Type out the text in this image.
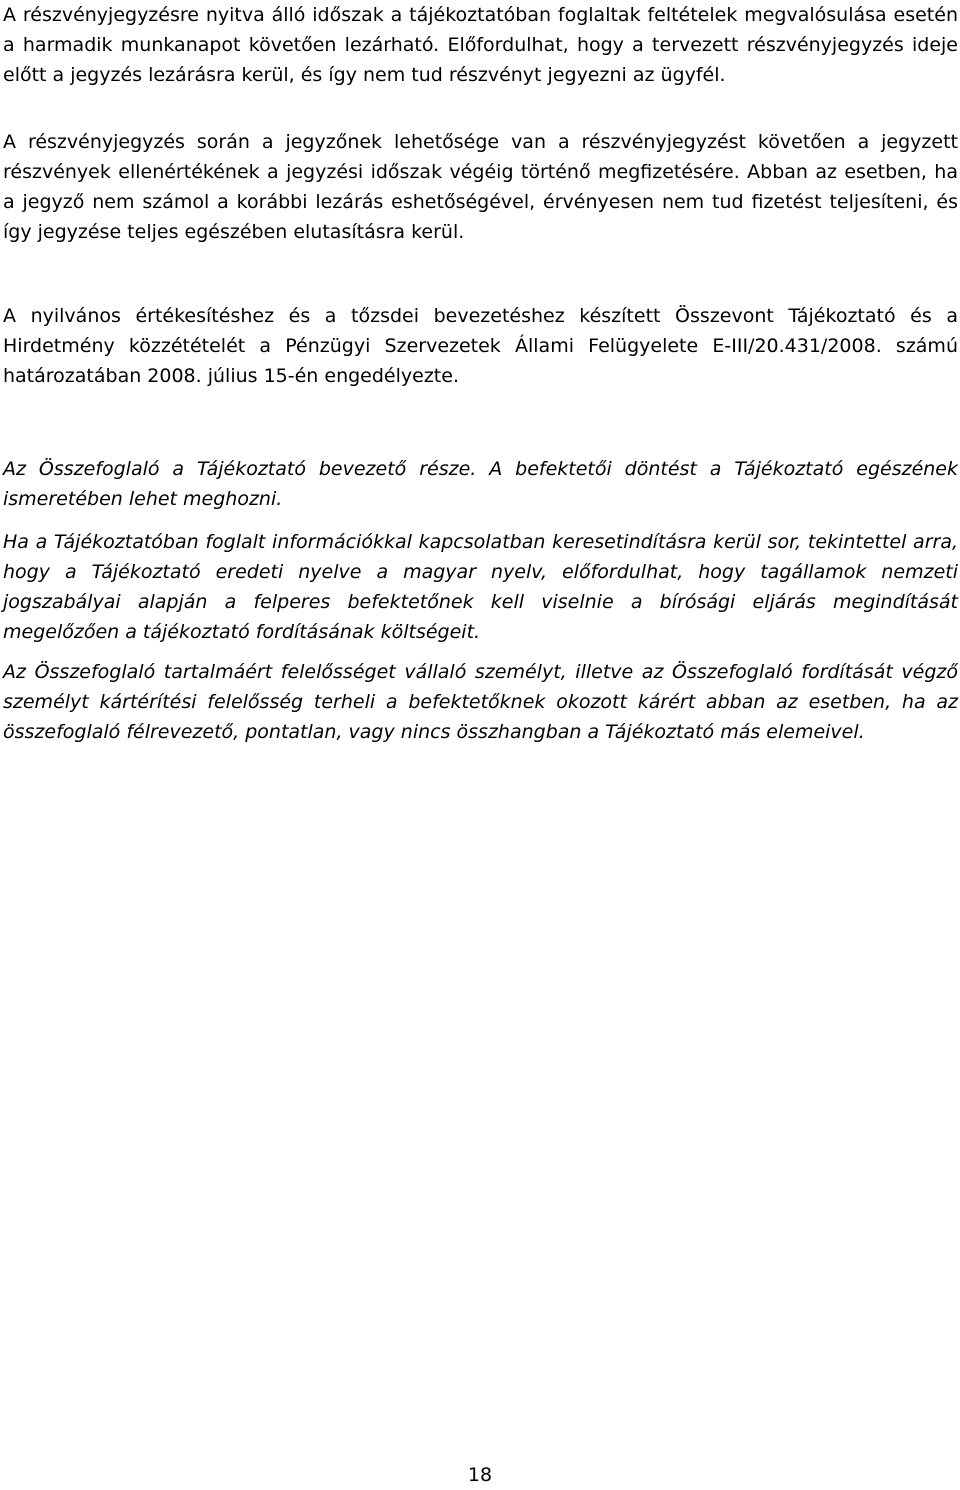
A részvényjegyzésre nyitva álló időszak a tájékoztatóban foglaltak feltételek megvalósulása esetén a harmadik munkanapot követően lezárható. Előfordulhat, hogy a tervezett részvényjegyzés ideje előtt a jegyzés lezárásra kerül, és így nem tud részvényt jegyezni az ügyfél.

A részvényjegyzés során a jegyzőnek lehetősége van a részvényjegyzést követően a jegyzett részvények ellenértékének a jegyzési időszak végéig történő megfizetésére. Abban az esetben, ha a jegyző nem számol a korábbi lezárás eshetőségével, érvényesen nem tud fizetést teljesíteni, és így jegyzése teljes egészében elutasításra kerül.

A nyilvános értékesítéshez és a tőzsdei bevezetéshez készített Összevont Tájékoztató és a Hirdetmény közzétételét a Pénzügyi Szervezetek Állami Felügyelete E-III/20.431/2008. számú határozatában 2008. július 15-én engedélyezte.

Az Összefoglaló a Tájékoztató bevezető része. A befektetői döntést a Tájékoztató egészének ismeretében lehet meghozni.

Ha a Tájékoztatóban foglalt információkkal kapcsolatban keresetindításra kerül sor, tekintettel arra, hogy a Tájékoztató eredeti nyelve a magyar nyelv, előfordulhat, hogy tagállamok nemzeti jogszabályai alapján a felperes befektetőnek kell viselnie a bírósági eljárás megindítását megelőzően a tájékoztató fordításának költségeit.

Az Összefoglaló tartalmáért felelősséget vállaló személyt, illetve az Összefoglaló fordítását végző személyt kártérítési felelősség terheli a befektetőknek okozott kárért abban az esetben, ha az összefoglaló félrevezető, pontatlan, vagy nincs összhangban a Tájékoztató más elemeivel.

18
